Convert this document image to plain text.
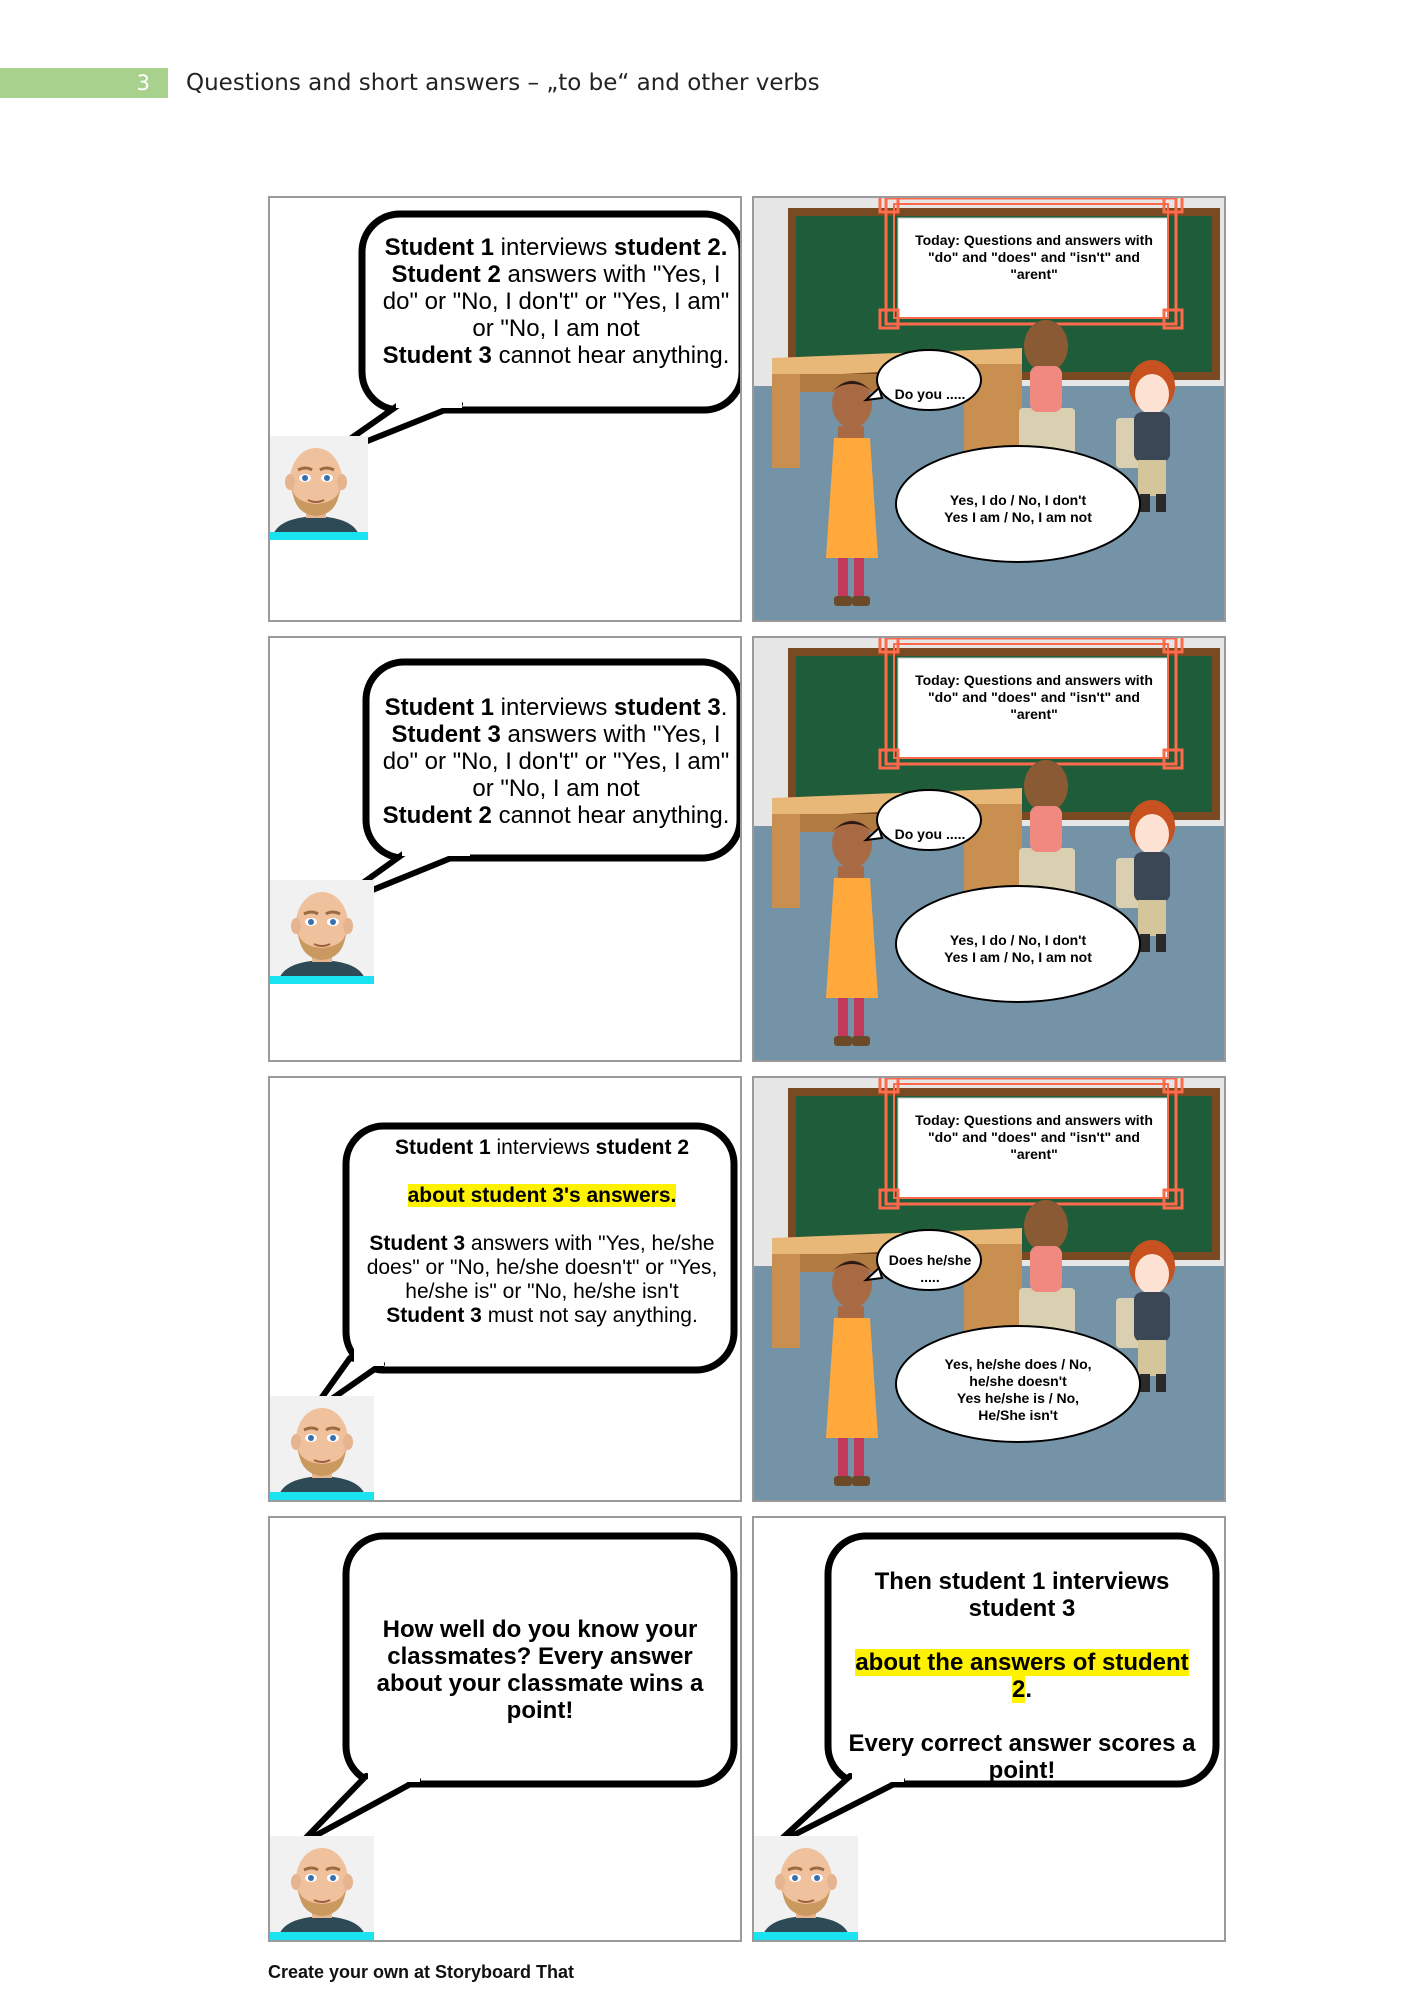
3	Questions and short answers – „to be“ and other verbs

Student 1 interviews student 2.

Student 2 answers with "Yes, I do" or "No, I don't" or "Yes, I am" or "No, I am not

Student 3 cannot hear anything.

Today: Questions and answers with "do" and "does" and "isn't" and "arent"
Do you .....
Yes, I do / No, I don't
Yes I am / No, I am not

Student 1 interviews student 3.

Student 3 answers with "Yes, I do" or "No, I don't" or "Yes, I am" or "No, I am not

Student 2 cannot hear anything.

Today: Questions and answers with "do" and "does" and "isn't" and "arent"
Do you .....
Yes, I do / No, I don't
Yes I am / No, I am not

Student 1 interviews student 2

about student 3's answers.

Student 3 answers with "Yes, he/she does" or "No, he/she doesn't" or "Yes, he/she is" or "No, he/she isn't

Student 3 must not say anything.

Today: Questions and answers with "do" and "does" and "isn't" and "arent"
Does he/she
.....
Yes, he/she does / No,
he/she doesn't
Yes he/she is / No,
He/She isn't
How well do you know your classmates? Every answer about your classmate wins a point!

Then student 1 interviews student 3

about the answers of student 2.

Every correct answer scores a point!

Create your own at Storyboard That
